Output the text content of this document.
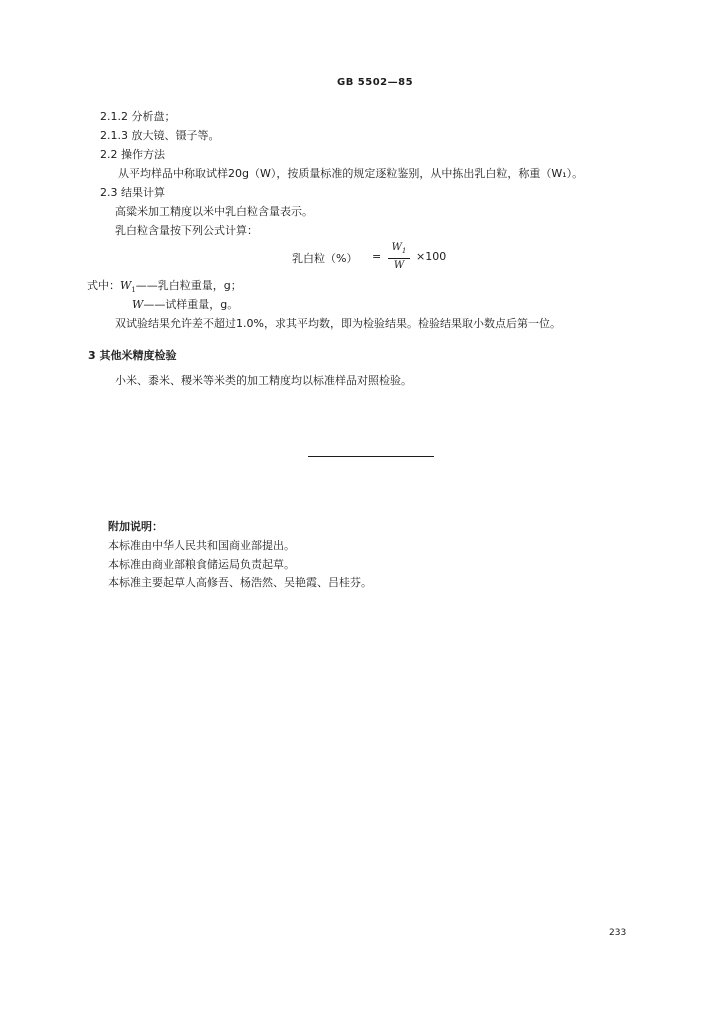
GB 5502—85
2.1.2 分析盘；
2.1.3 放大镜、镊子等。
2.2 操作方法
从平均样品中称取试样20g（W），按质量标准的规定逐粒鉴别，从中拣出乳白粒，称重（W₁）。
2.3 结果计算
高粱米加工精度以米中乳白粒含量表示。
乳白粒含量按下列公式计算：
乳白粒（%） =
$W_1$
W
×100
式中：$W_1——$乳白粒重量，g；
W——试样重量，g。
双试验结果允许差不超过1.0%，求其平均数，即为检验结果。检验结果取小数点后第一位。
3 其他米精度检验
小米、黍米、稷米等米类的加工精度均以标准样品对照检验。
附加说明：
本标准由中华人民共和国商业部提出。
本标准由商业部粮食储运局负责起草。
本标准主要起草人高修吾、杨浩然、吴艳霞、吕桂芬。
233
